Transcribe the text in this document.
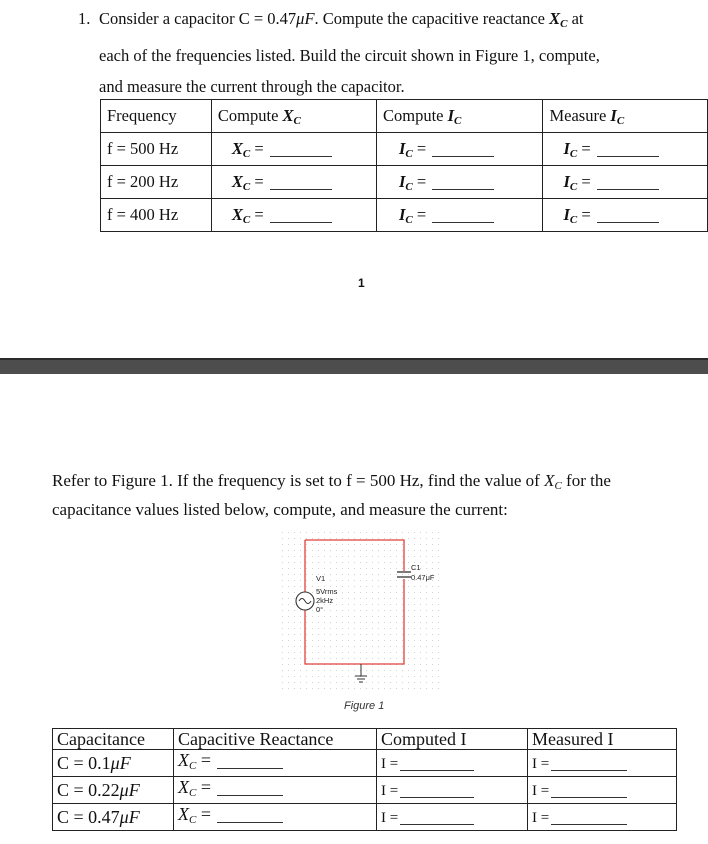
1. Consider a capacitor C = 0.47μF. Compute the capacitive reactance $X_C$ at
each of the frequencies listed. Build the circuit shown in Figure 1, compute,
and measure the current through the capacitor.
Frequency	Compute $X_C$	Compute $I_C$	Measure $I_C$
f = 500 Hz	$X_C$ =	$I_C$ =	$I_C$ =
f = 200 Hz	$X_C$ =	$I_C$ =	$I_C$ =
f = 400 Hz	$X_C$ =	$I_C$ =	$I_C$ =
1
Refer to Figure 1. If the frequency is set to f = 500 Hz, find the value of $X_C$ for the capacitance values listed below, compute, and measure the current:
V1
5Vrms
2kHz
0°
C1
0.47μF
Figure 1
Capacitance	Capacitive Reactance	Computed I	Measured I
C = 0.1μF	$X_C$ =	I =	I =
C = 0.22μF	$X_C$ =	I =	I =
C = 0.47μF	$X_C$ =	I =	I =
